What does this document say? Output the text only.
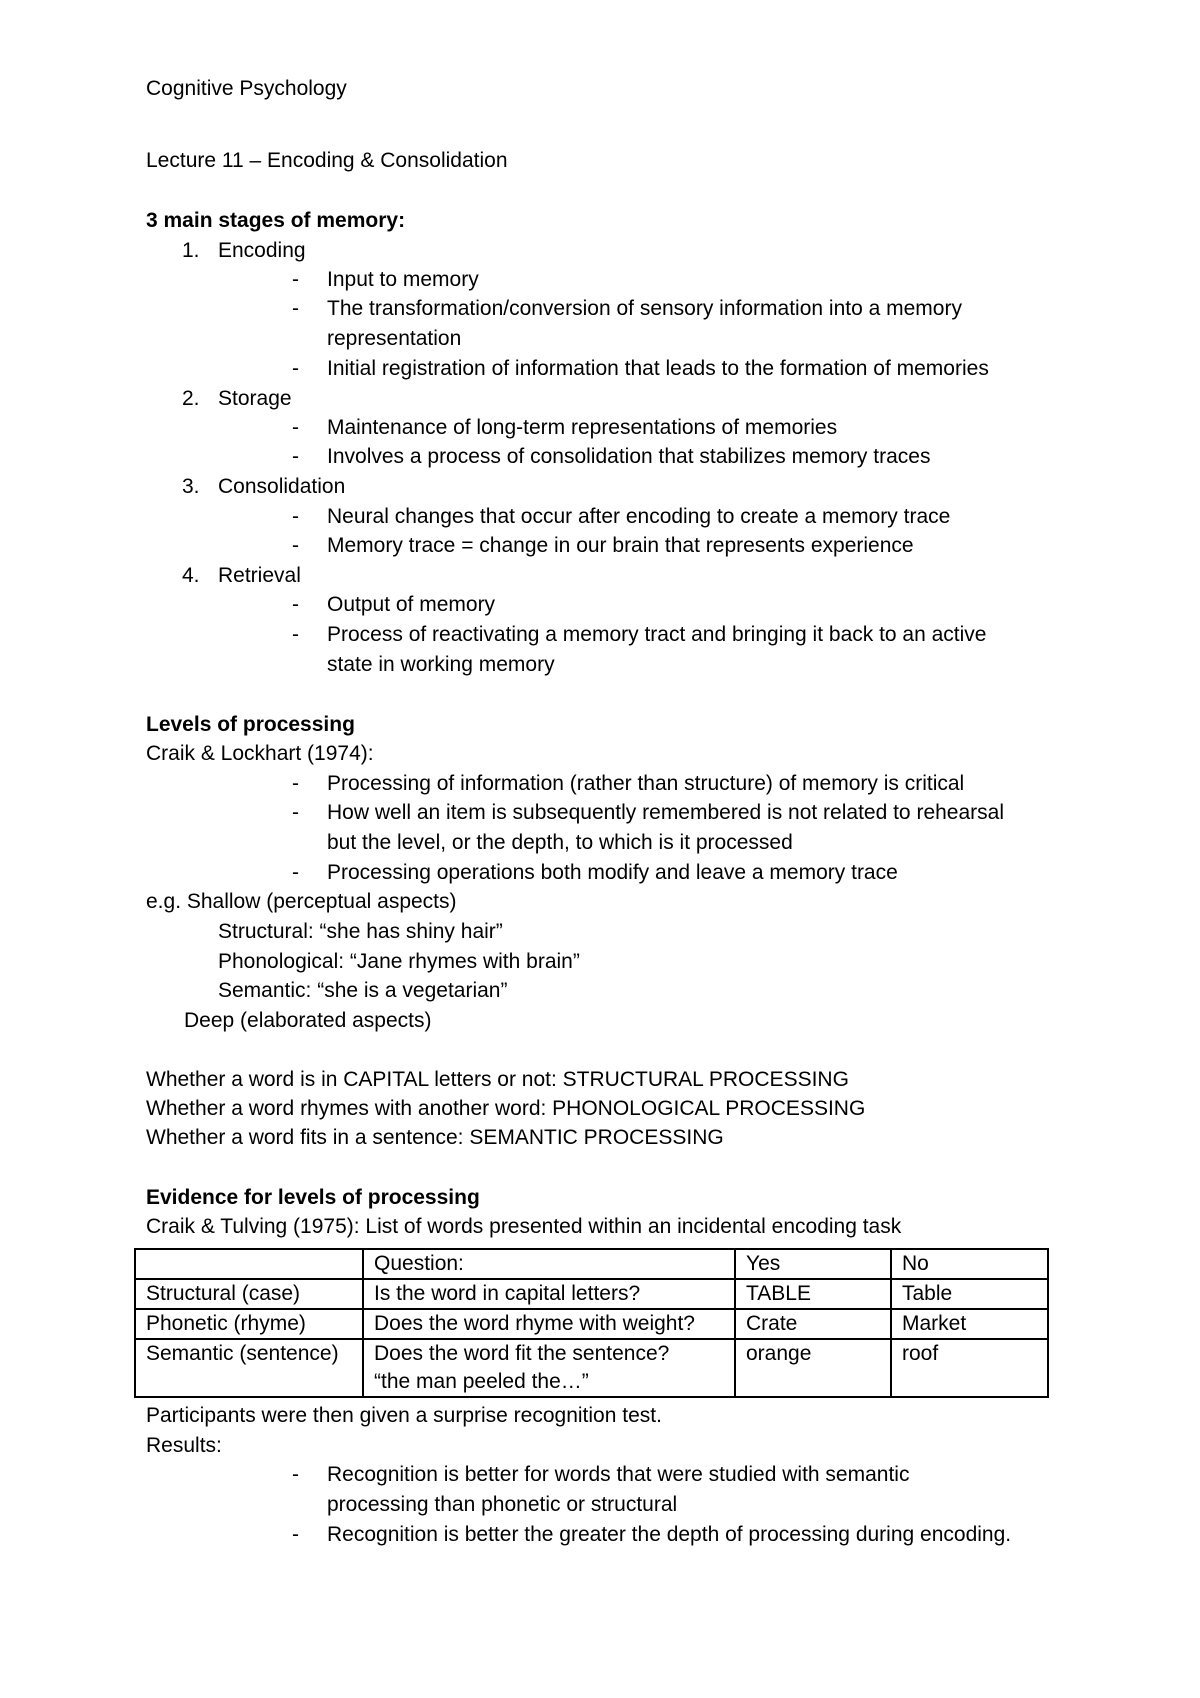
Cognitive Psychology
Lecture 11 – Encoding & Consolidation
3 main stages of memory:
1. Encoding
- Input to memory
- The transformation/conversion of sensory information into a memory
representation
- Initial registration of information that leads to the formation of memories
2. Storage
- Maintenance of long-term representations of memories
- Involves a process of consolidation that stabilizes memory traces
3. Consolidation
- Neural changes that occur after encoding to create a memory trace
- Memory trace = change in our brain that represents experience
4. Retrieval
- Output of memory
- Process of reactivating a memory tract and bringing it back to an active
state in working memory
Levels of processing
Craik & Lockhart (1974):
- Processing of information (rather than structure) of memory is critical
- How well an item is subsequently remembered is not related to rehearsal
but the level, or the depth, to which is it processed
- Processing operations both modify and leave a memory trace
e.g. Shallow (perceptual aspects)
Structural: “she has shiny hair”
Phonological: “Jane rhymes with brain”
Semantic: “she is a vegetarian”
Deep (elaborated aspects)
Whether a word is in CAPITAL letters or not: STRUCTURAL PROCESSING
Whether a word rhymes with another word: PHONOLOGICAL PROCESSING
Whether a word fits in a sentence: SEMANTIC PROCESSING
Evidence for levels of processing
Craik & Tulving (1975): List of words presented within an incidental encoding task
	Question:	Yes	No
Structural (case)	Is the word in capital letters?	TABLE	Table
Phonetic (rhyme)	Does the word rhyme with weight?	Crate	Market
Semantic (sentence)	Does the word fit the sentence?
“the man peeled the…”	orange	roof
Participants were then given a surprise recognition test.
Results:
- Recognition is better for words that were studied with semantic
processing than phonetic or structural
- Recognition is better the greater the depth of processing during encoding.
